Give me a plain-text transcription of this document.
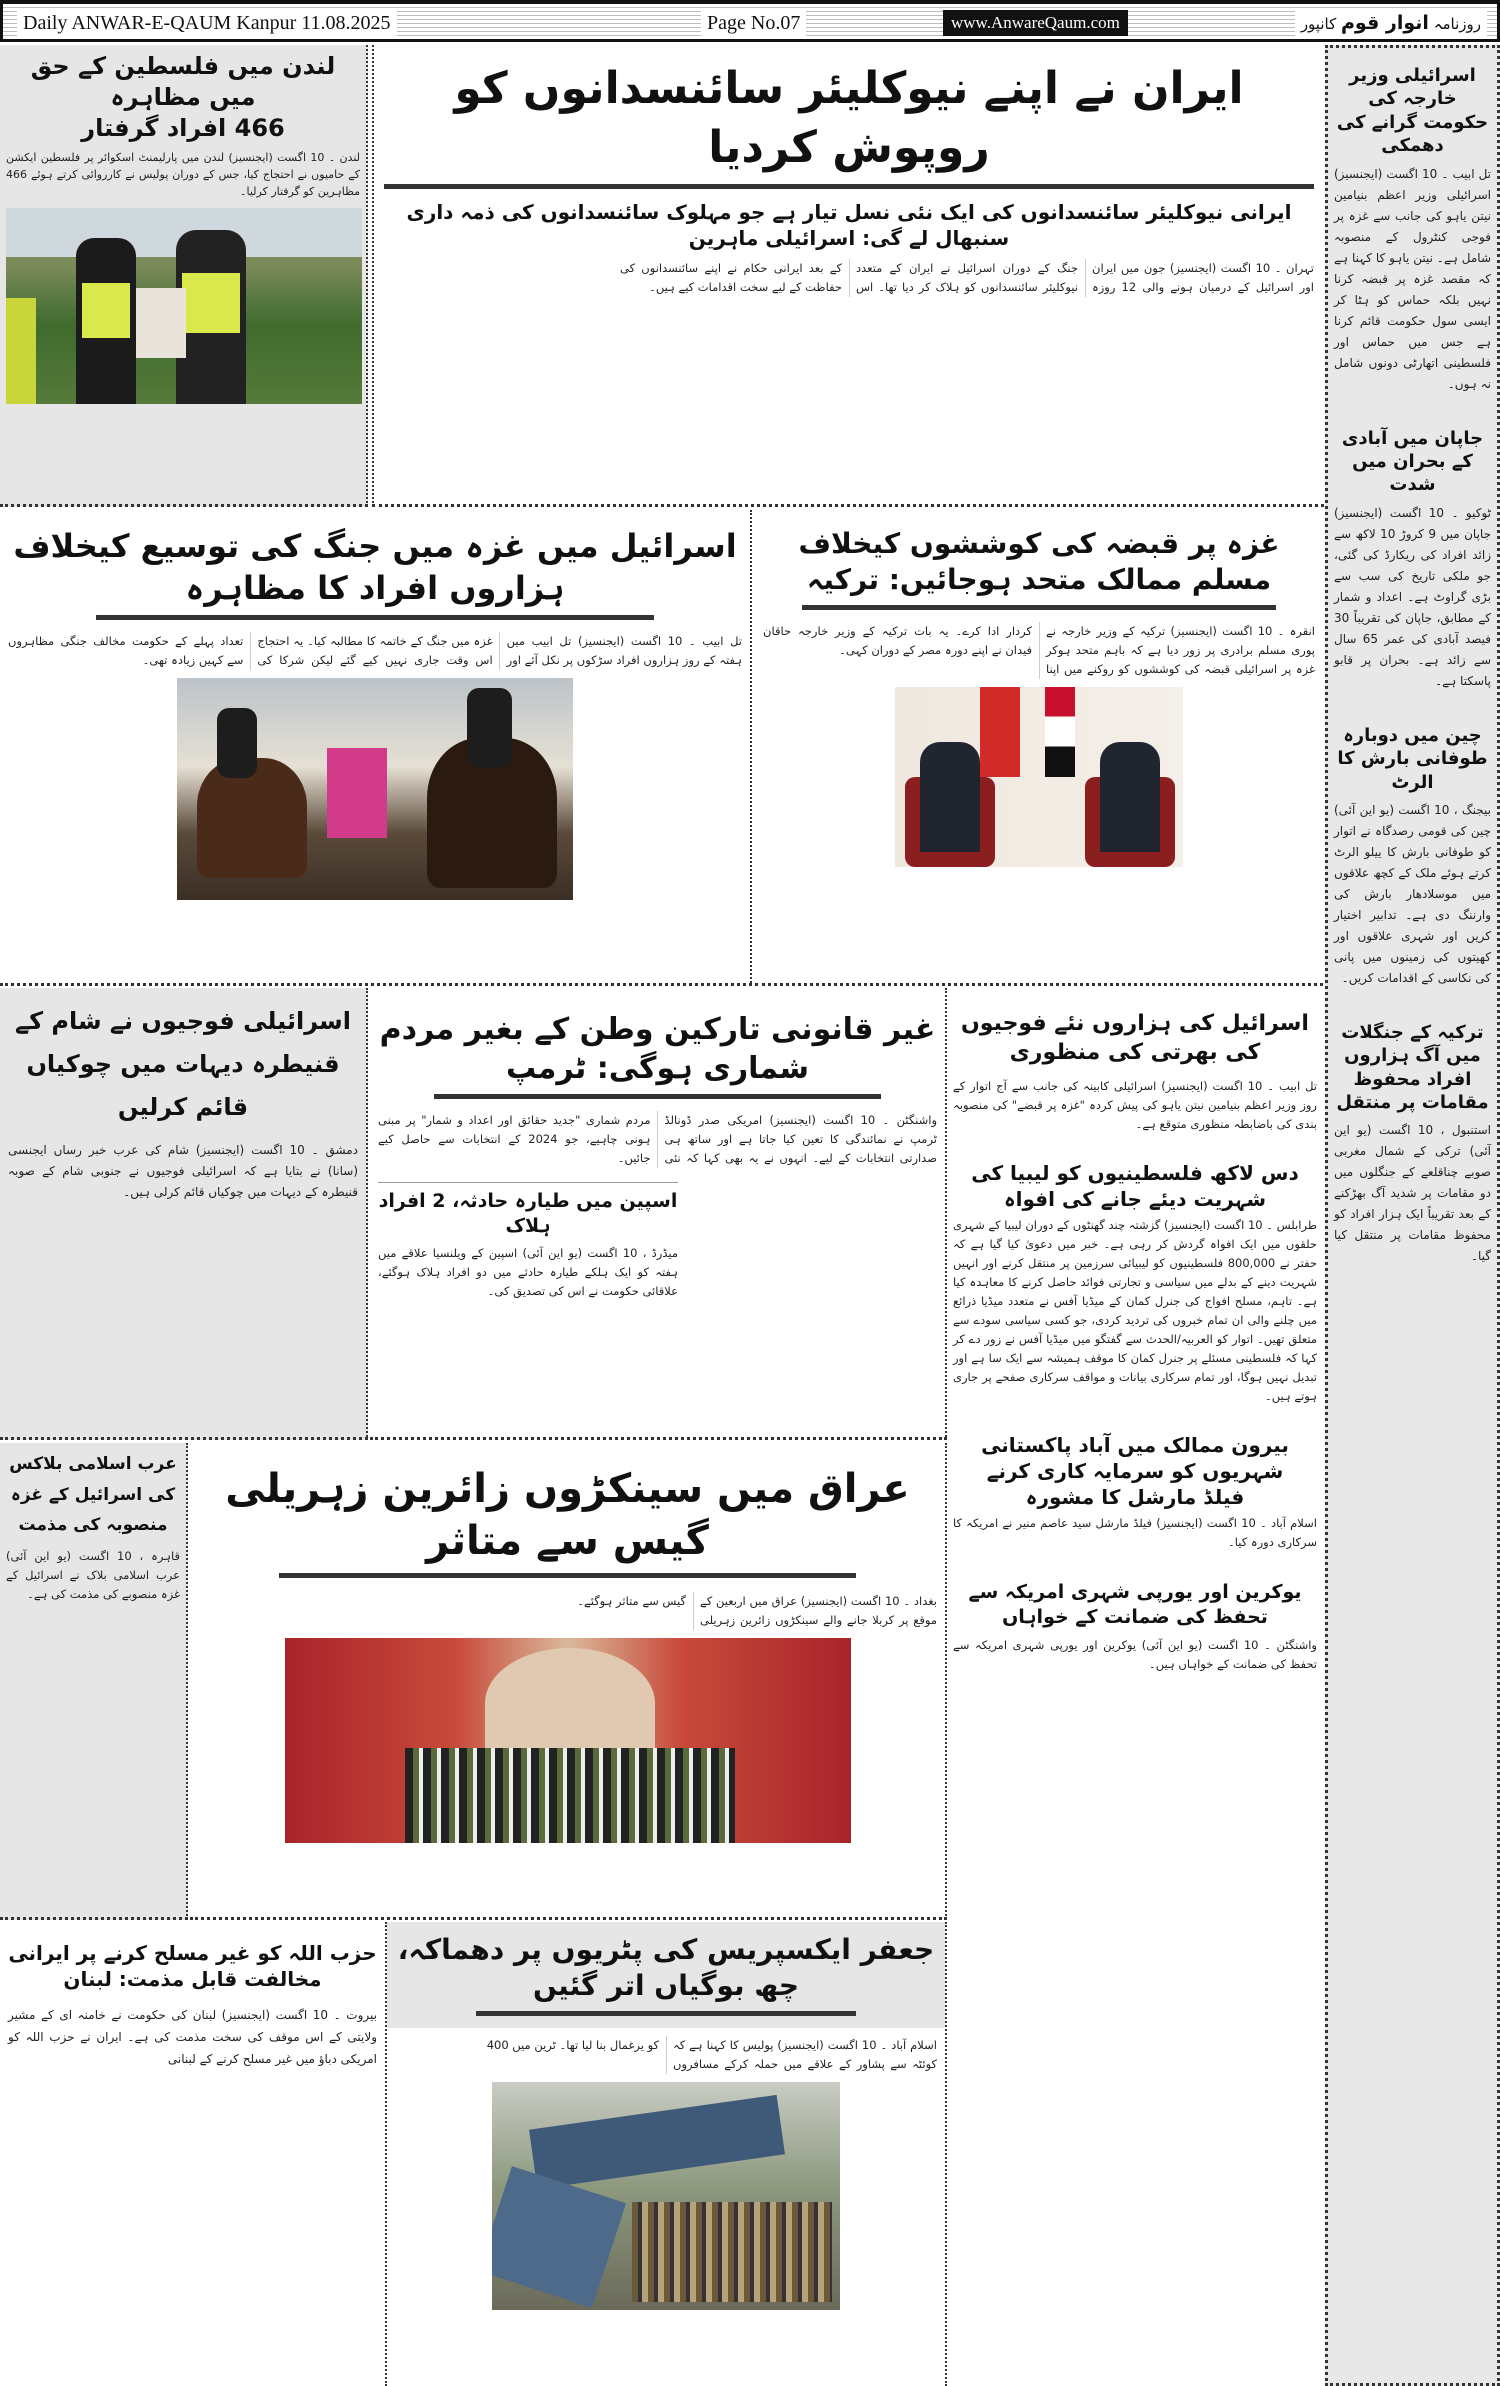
Daily ANWAR-E-QAUM Kanpur 11.08.2025	Page No.07	www.AnwareQaum.com	روزنامہ انوار قوم کانپور
لندن میں فلسطین کے حق میں مظاہرہ
466 افراد گرفتار
لندن ۔ 10 اگست (ایجنسیز) لندن میں پارلیمنٹ اسکوائر پر فلسطین ایکشن کے حامیوں نے احتجاج کیا، جس کے دوران پولیس نے کارروائی کرتے ہوئے 466 مظاہرین کو گرفتار کرلیا۔
ایران نے اپنے نیوکلیئر سائنسدانوں کو روپوش کردیا
ایرانی نیوکلیئر سائنسدانوں کی ایک نئی نسل تیار ہے جو مہلوک سائنسدانوں کی ذمہ داری سنبھال لے گی: اسرائیلی ماہرین
تہران ۔ 10 اگست (ایجنسیز) جون میں ایران اور اسرائیل کے درمیان ہونے والی 12 روزہ جنگ کے دوران اسرائیل نے ایران کے متعدد نیوکلیئر سائنسدانوں کو ہلاک کر دیا تھا۔ اس کے بعد ایرانی حکام نے اپنے سائنسدانوں کی حفاظت کے لیے سخت اقدامات کیے ہیں۔
اسرائیل میں غزہ میں جنگ کی توسیع کیخلاف ہزاروں افراد کا مظاہرہ
تل ابیب ۔ 10 اگست (ایجنسیز) تل ابیب میں ہفتہ کے روز ہزاروں افراد سڑکوں پر نکل آئے اور غزہ میں جنگ کے خاتمہ کا مطالبہ کیا۔ یہ احتجاج اس وقت جاری نہیں کیے گئے لیکن شرکا کی تعداد پہلے کے حکومت مخالف جنگی مظاہروں سے کہیں زیادہ تھی۔
غزہ پر قبضہ کی کوششوں کیخلاف مسلم ممالک متحد ہوجائیں: ترکیہ
انقرہ ۔ 10 اگست (ایجنسیز) ترکیہ کے وزیر خارجہ نے پوری مسلم برادری پر زور دیا ہے کہ باہم متحد ہوکر غزہ پر اسرائیلی قبضہ کی کوششوں کو روکنے میں اپنا کردار ادا کرے۔ یہ بات ترکیہ کے وزیر خارجہ حاقان فیدان نے اپنے دورہ مصر کے دوران کہی۔
اسرائیلی فوجیوں نے شام کے قنیطرہ دیہات میں چوکیاں قائم کرلیں
دمشق ۔ 10 اگست (ایجنسیز) شام کی عرب خبر رساں ایجنسی (سانا) نے بتایا ہے کہ اسرائیلی فوجیوں نے جنوبی شام کے صوبہ قنیطرہ کے دیہات میں چوکیاں قائم کرلی ہیں۔
غیر قانونی تارکین وطن کے بغیر مردم شماری ہوگی: ٹرمپ
واشنگٹن ۔ 10 اگست (ایجنسیز) امریکی صدر ڈونالڈ ٹرمپ نے نمائندگی کا تعین کیا جاتا ہے اور ساتھ ہی صدارتی انتخابات کے لیے۔ انہوں نے یہ بھی کہا کہ نئی مردم شماری "جدید حقائق اور اعداد و شمار" پر مبنی ہونی چاہیے، جو 2024 کے انتخابات سے حاصل کیے جائیں۔
اسپین میں طیارہ حادثہ، 2 افراد ہلاک
میڈرڈ ، 10 اگست (یو این آئی) اسپین کے ویلنسیا علاقے میں ہفتہ کو ایک ہلکے طیارہ حادثے میں دو افراد ہلاک ہوگئے، علاقائی حکومت نے اس کی تصدیق کی۔
اسرائیل کی ہزاروں نئے فوجیوں کی بھرتی کی منظوری
تل ابیب ۔ 10 اگست (ایجنسیز) اسرائیلی کابینہ کی جانب سے آج اتوار کے روز وزیر اعظم بنیامین نیتن یاہو کی پیش کردہ "غزہ پر قبضے" کی منصوبہ بندی کی باضابطہ منظوری متوقع ہے۔
دس لاکھ فلسطینیوں کو لیبیا کی شہریت دیئے جانے کی افواہ
طرابلس ۔ 10 اگست (ایجنسیز) گزشتہ چند گھنٹوں کے دوران لیبیا کے شہری حلقوں میں ایک افواہ گردش کر رہی ہے۔ خبر میں دعویٰ کیا گیا ہے کہ حفتر نے 800,000 فلسطینیوں کو لیبیائی سرزمین پر منتقل کرنے اور انہیں شہریت دینے کے بدلے میں سیاسی و تجارتی فوائد حاصل کرنے کا معاہدہ کیا ہے۔ تاہم، مسلح افواج کی جنرل کمان کے میڈیا آفس نے متعدد میڈیا ذرائع میں چلنے والی ان تمام خبروں کی تردید کردی، جو کسی سیاسی سودے سے متعلق تھیں۔ اتوار کو العربیہ/الحدث سے گفتگو میں میڈیا آفس نے زور دے کر کہا کہ فلسطینی مسئلے پر جنرل کمان کا موقف ہمیشہ سے ایک سا ہے اور تبدیل نہیں ہوگا، اور تمام سرکاری بیانات و مواقف سرکاری صفحے پر جاری ہوتے ہیں۔
بیرون ممالک میں آباد پاکستانی شہریوں کو سرمایہ کاری کرنے فیلڈ مارشل کا مشورہ
اسلام آباد ۔ 10 اگست (ایجنسیز) فیلڈ مارشل سید عاصم منیر نے امریکہ کا سرکاری دورہ کیا۔
یوکرین اور یورپی شہری امریکہ سے تحفظ کی ضمانت کے خواہاں
واشنگٹن ۔ 10 اگست (یو این آئی) یوکرین اور یورپی شہری امریکہ سے تحفظ کی ضمانت کے خواہاں ہیں۔
عرب اسلامی بلاکس کی اسرائیل کے غزہ منصوبہ کی مذمت
قاہرہ ، 10 اگست (یو این آئی) عرب اسلامی بلاک نے اسرائیل کے غزہ منصوبے کی مذمت کی ہے۔
عراق میں سینکڑوں زائرین زہریلی گیس سے متاثر
بغداد ۔ 10 اگست (ایجنسیز) عراق میں اربعین کے موقع پر کربلا جانے والے سینکڑوں زائرین زہریلی گیس سے متاثر ہوگئے۔
حزب اللہ کو غیر مسلح کرنے پر ایرانی مخالفت قابل مذمت: لبنان
بیروت ۔ 10 اگست (ایجنسیز) لبنان کی حکومت نے خامنہ ای کے مشیر ولایتی کے اس موقف کی سخت مذمت کی ہے۔ ایران نے حزب اللہ کو امریکی دباؤ میں غیر مسلح کرنے کے لبنانی
جعفر ایکسپریس کی پٹریوں پر دھماکہ، چھ بوگیاں اتر گئیں
اسلام آباد ۔ 10 اگست (ایجنسیز) پولیس کا کہنا ہے کہ کوئٹہ سے پشاور کے علاقے میں حملہ کرکے مسافروں کو یرغمال بنا لیا تھا۔ ٹرین میں 400
اسرائیلی وزیر خارجہ کی حکومت گرانے کی دھمکی
تل ابیب ۔ 10 اگست (ایجنسیز) اسرائیلی وزیر اعظم بنیامین نیتن یاہو کی جانب سے غزہ پر فوجی کنٹرول کے منصوبہ شامل ہے۔ نیتن یاہو کا کہنا ہے کہ مقصد غزہ پر قبضہ کرنا نہیں بلکہ حماس کو ہٹا کر ایسی سول حکومت قائم کرنا ہے جس میں حماس اور فلسطینی اتھارٹی دونوں شامل نہ ہوں۔
جاپان میں آبادی کے بحران میں شدت
ٹوکیو ۔ 10 اگست (ایجنسیز) جاپان میں 9 کروڑ 10 لاکھ سے زائد افراد کی ریکارڈ کی گئی، جو ملکی تاریخ کی سب سے بڑی گراوٹ ہے۔ اعداد و شمار کے مطابق، جاپان کی تقریباً 30 فیصد آبادی کی عمر 65 سال سے زائد ہے۔ بحران پر قابو پاسکتا ہے۔
چین میں دوبارہ طوفانی بارش کا الرٹ
بیجنگ ، 10 اگست (یو این آئی) چین کی قومی رصدگاہ نے اتوار کو طوفانی بارش کا ییلو الرٹ کرتے ہوئے ملک کے کچھ علاقوں میں موسلادھار بارش کی وارننگ دی ہے۔ تدابیر اختیار کریں اور شہری علاقوں اور کھیتوں کی زمینوں میں پانی کی نکاسی کے اقدامات کریں۔
ترکیہ کے جنگلات میں آگ ہزاروں افراد محفوظ مقامات پر منتقل
استنبول ، 10 اگست (یو این آئی) ترکی کے شمال مغربی صوبے چناقلعے کے جنگلوں میں دو مقامات پر شدید آگ بھڑکنے کے بعد تقریباً ایک ہزار افراد کو محفوظ مقامات پر منتقل کیا گیا۔
